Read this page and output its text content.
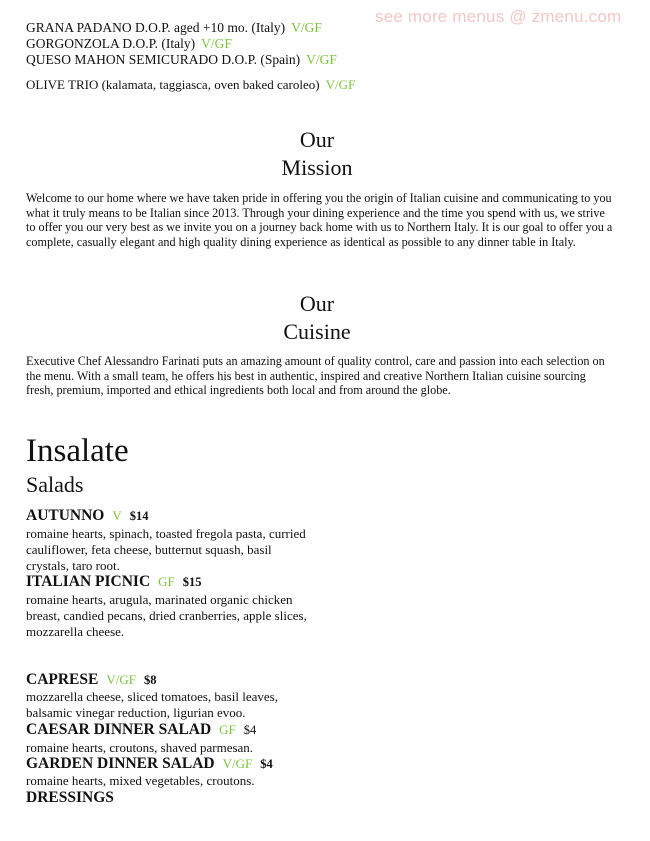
see more menus @ zmenu.com
GRANA PADANO D.O.P. aged +10 mo. (Italy) V/GF
GORGONZOLA D.O.P. (Italy) V/GF
QUESO MAHON SEMICURADO D.O.P. (Spain) V/GF
OLIVE TRIO (kalamata, taggiasca, oven baked caroleo) V/GF
Our
Mission
Welcome to our home where we have taken pride in offering you the origin of Italian cuisine and communicating to you what it truly means to be Italian since 2013. Through your dining experience and the time you spend with us, we strive to offer you our very best as we invite you on a journey back home with us to Northern Italy. It is our goal to offer you a complete, casually elegant and high quality dining experience as identical as possible to any dinner table in Italy.
Our
Cuisine
Executive Chef Alessandro Farinati puts an amazing amount of quality control, care and passion into each selection on the menu. With a small team, he offers his best in authentic, inspired and creative Northern Italian cuisine sourcing fresh, premium, imported and ethical ingredients both local and from around the globe.
Insalate
Salads
AUTUNNO V $14
romaine hearts, spinach, toasted fregola pasta, curried cauliflower, feta cheese, butternut squash, basil crystals, taro root.
ITALIAN PICNIC GF $15
romaine hearts, arugula, marinated organic chicken breast, candied pecans, dried cranberries, apple slices, mozzarella cheese.
CAPRESE V/GF $8
mozzarella cheese, sliced tomatoes, basil leaves, balsamic vinegar reduction, ligurian evoo.
CAESAR DINNER SALAD GF $4
romaine hearts, croutons, shaved parmesan.
GARDEN DINNER SALAD V/GF $4
romaine hearts, mixed vegetables, croutons.
DRESSINGS
